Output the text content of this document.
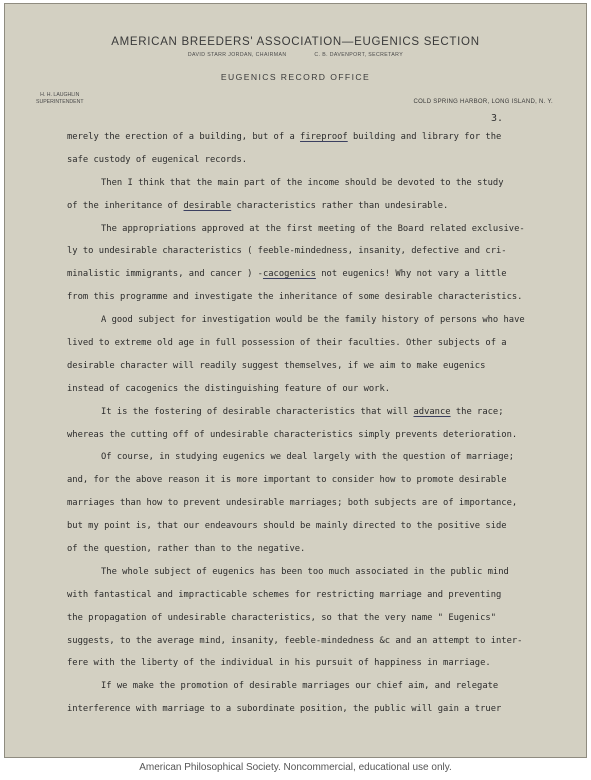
AMERICAN BREEDERS' ASSOCIATION—EUGENICS SECTION
DAVID STARR JORDAN, CHAIRMAN	C. B. DAVENPORT, SECRETARY
EUGENICS RECORD OFFICE
H. H. LAUGHLIN
SUPERINTENDENT	COLD SPRING HARBOR, LONG ISLAND, N. Y.
3.
merely the erection of a building, but of a fireproof building and library for the
safe custody of eugenical records.
Then I think that the main part of the income should be devoted to the study
of the inheritance of desirable characteristics rather than undesirable.
The appropriations approved at the first meeting of the Board related exclusive-
ly to undesirable characteristics ( feeble-mindedness, insanity, defective and cri-
minalistic immigrants, and cancer ) -cacogenics not eugenics! Why not vary a little
from this programme and investigate the inheritance of some desirable characteristics.
A good subject for investigation would be the family history of persons who have
lived to extreme old age in full possession of their faculties. Other subjects of a
desirable character will readily suggest themselves, if we aim to make eugenics
instead of cacogenics the distinguishing feature of our work.
It is the fostering of desirable characteristics that will advance the race;
whereas the cutting off of undesirable characteristics simply prevents deterioration.
Of course, in studying eugenics we deal largely with the question of marriage;
and, for the above reason it is more important to consider how to promote desirable
marriages than how to prevent undesirable marriages; both subjects are of importance,
but my point is, that our endeavours should be mainly directed to the positive side
of the question, rather than to the negative.
The whole subject of eugenics has been too much associated in the public mind
with fantastical and impracticable schemes for restricting marriage and preventing
the propagation of undesirable characteristics, so that the very name " Eugenics"
suggests, to the average mind, insanity, feeble-mindedness &c and an attempt to inter-
fere with the liberty of the individual in his pursuit of happiness in marriage.
If we make the promotion of desirable marriages our chief aim, and relegate
interference with marriage to a subordinate position, the public will gain a truer
American Philosophical Society. Noncommercial, educational use only.
